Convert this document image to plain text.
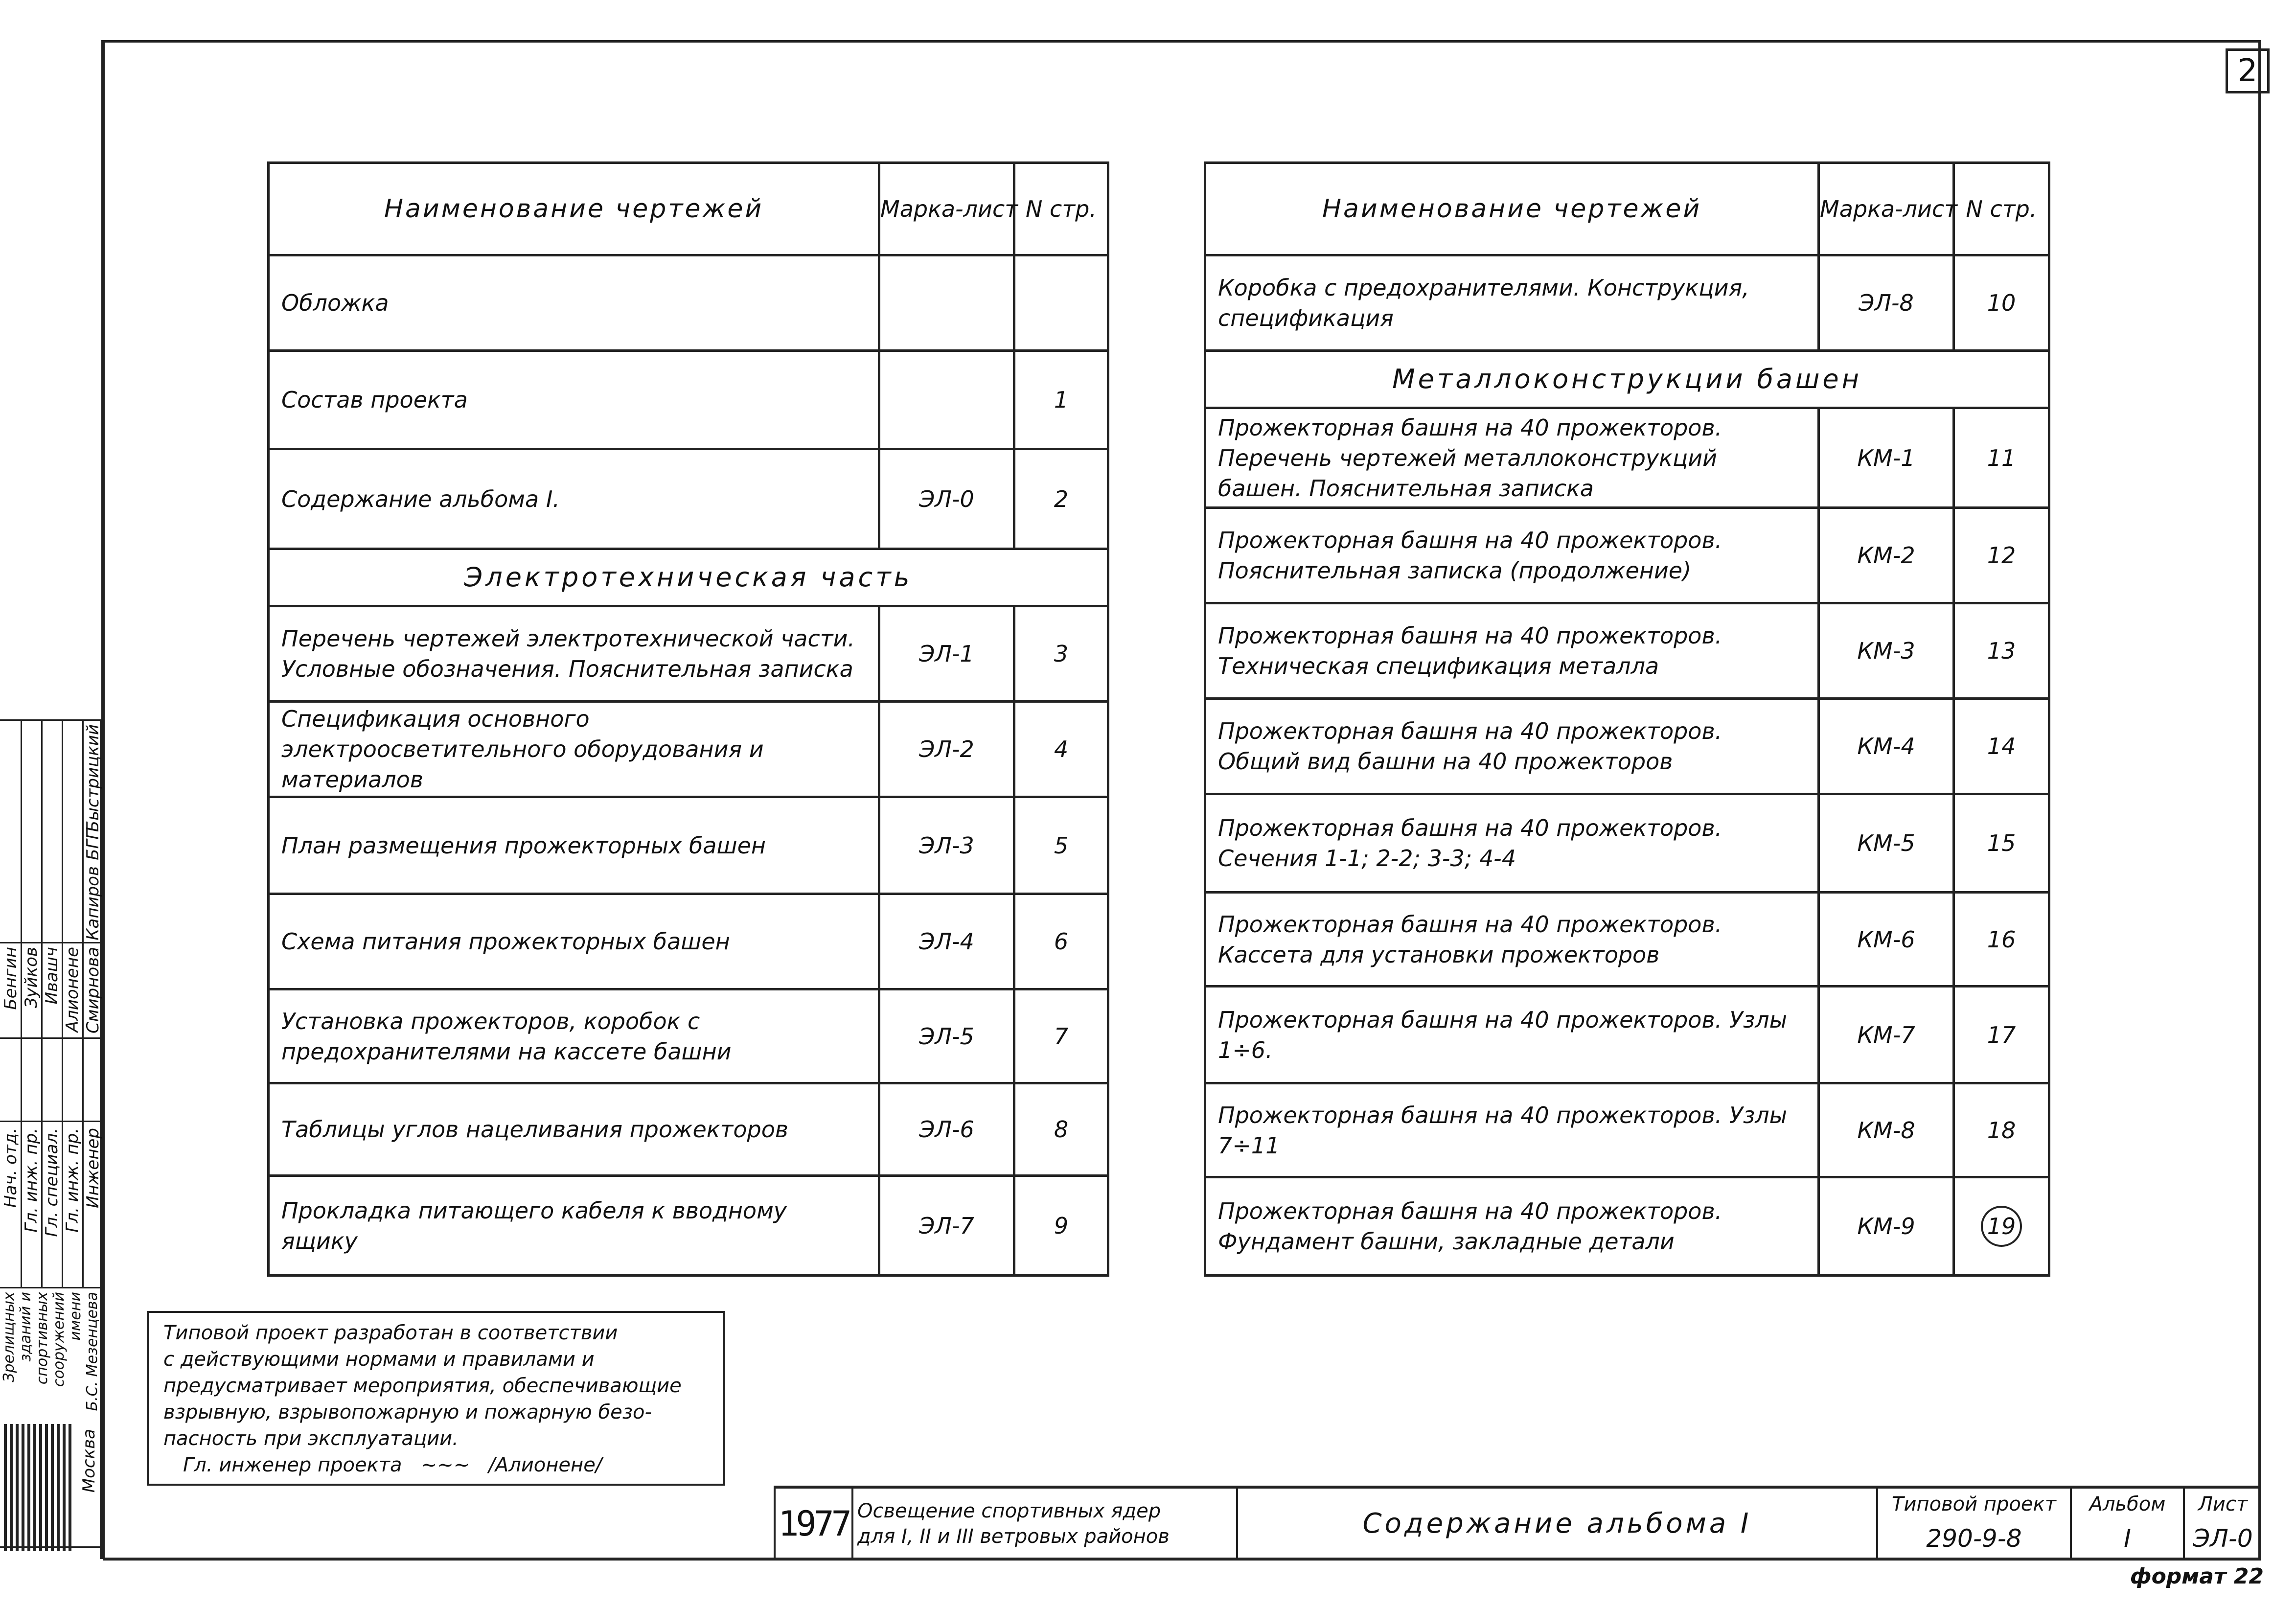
2
Наименование чертежей	Марка-лист	N стр.
Обложка		
Состав проекта		1
Содержание альбома I.	ЭЛ-0	2
Электротехническая часть		
Перечень чертежей электротехнической части. Условные обозначения. Пояснительная записка	ЭЛ-1	3
Спецификация основного электроосветительного оборудования и материалов	ЭЛ-2	4
План размещения прожекторных башен	ЭЛ-3	5
Схема питания прожекторных башен	ЭЛ-4	6
Установка прожекторов, коробок с предохранителями на кассете башни	ЭЛ-5	7
Таблицы углов нацеливания прожекторов	ЭЛ-6	8
Прокладка питающего кабеля к вводному ящику	ЭЛ-7	9
Наименование чертежей	Марка-лист	N стр.
Коробка с предохранителями. Конструкция, спецификация	ЭЛ-8	10
Металлоконструкции башен		
Прожекторная башня на 40 прожекторов. Перечень чертежей металлоконструкций башен. Пояснительная записка	КМ-1	11
Прожекторная башня на 40 прожекторов. Пояснительная записка (продолжение)	КМ-2	12
Прожекторная башня на 40 прожекторов. Техническая спецификация металла	КМ-3	13
Прожекторная башня на 40 прожекторов. Общий вид башни на 40 прожекторов	КМ-4	14
Прожекторная башня на 40 прожекторов. Сечения 1-1; 2-2; 3-3; 4-4	КМ-5	15
Прожекторная башня на 40 прожекторов. Кассета для установки прожекторов	КМ-6	16
Прожекторная башня на 40 прожекторов. Узлы 1÷6.	КМ-7	17
Прожекторная башня на 40 прожекторов. Узлы 7÷11	КМ-8	18
Прожекторная башня на 40 прожекторов. Фундамент башни, закладные детали	КМ-9	19
Типовой проект разработан в соответствии
с действующими нормами и правилами и
предусматривает мероприятия, обеспечивающие
взрывную, взрывопожарную и пожарную безо-
пасность при эксплуатации.
Гл. инженер проекта ~~~ /Алионене/
1977 Освещение спортивных ядер
для I, II и III ветровых районов	Содержание альбома I
Типовой проект
290-9-8
Альбом
I
Лист
ЭЛ-0
формат 22
Нач. отд.
Бенгин
Гл. инж. пр.
Зуйков
Гл. специал.
Ивашч
Гл. инж. пр.
Алионене
Инженер
Смирнова
Капиров
БГП
Быстрицкий
Зрелищных зданий и спортивных сооружений имени Б.С. Мезенцева
Москва
